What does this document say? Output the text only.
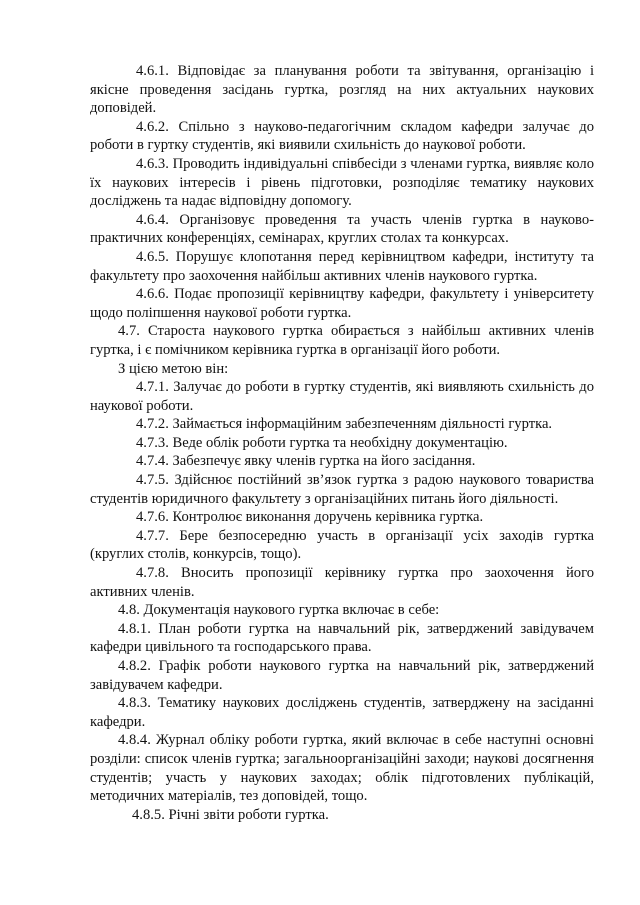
4.6.1. Відповідає за планування роботи та звітування, організацію і якісне проведення засідань гуртка, розгляд на них актуальних наукових доповідей.

4.6.2. Спільно з науково-педагогічним складом кафедри залучає до роботи в гуртку студентів, які виявили схильність до наукової роботи.

4.6.3. Проводить індивідуальні співбесіди з членами гуртка, виявляє коло їх наукових інтересів і рівень підготовки, розподіляє тематику наукових досліджень та надає відповідну допомогу.

4.6.4. Організовує проведення та участь членів гуртка в науково-практичних конференціях, семінарах, круглих столах та конкурсах.

4.6.5. Порушує клопотання перед керівництвом кафедри, інституту та факультету про заохочення найбільш активних членів наукового гуртка.

4.6.6. Подає пропозиції керівництву кафедри, факультету і університету щодо поліпшення наукової роботи гуртка.

4.7. Староста наукового гуртка обирається з найбільш активних членів гуртка, і є помічником керівника гуртка в організації його роботи.

З цією метою він:

4.7.1. Залучає до роботи в гуртку студентів, які виявляють схильність до наукової роботи.

4.7.2. Займається інформаційним забезпеченням діяльності гуртка.

4.7.3. Веде облік роботи гуртка та необхідну документацію.

4.7.4. Забезпечує явку членів гуртка на його засідання.

4.7.5. Здійснює постійний зв’язок гуртка з радою наукового товариства студентів юридичного факультету з організаційних питань його діяльності.

4.7.6. Контролює виконання доручень керівника гуртка.

4.7.7. Бере безпосередню участь в організації усіх заходів гуртка (круглих столів, конкурсів, тощо).

4.7.8. Вносить пропозиції керівнику гуртка про заохочення його активних членів.

4.8. Документація наукового гуртка включає в себе:

4.8.1. План роботи гуртка на навчальний рік, затверджений завідувачем кафедри цивільного та господарського права.

4.8.2. Графік роботи наукового гуртка на навчальний рік, затверджений завідувачем кафедри.

4.8.3. Тематику наукових досліджень студентів, затверджену на засіданні кафедри.

4.8.4. Журнал обліку роботи гуртка, який включає в себе наступні основні розділи: список членів гуртка; загальноорганізаційні заходи; наукові досягнення студентів; участь у наукових заходах; облік підготовлених публікацій, методичних матеріалів, тез доповідей, тощо.

4.8.5. Річні звіти роботи гуртка.
